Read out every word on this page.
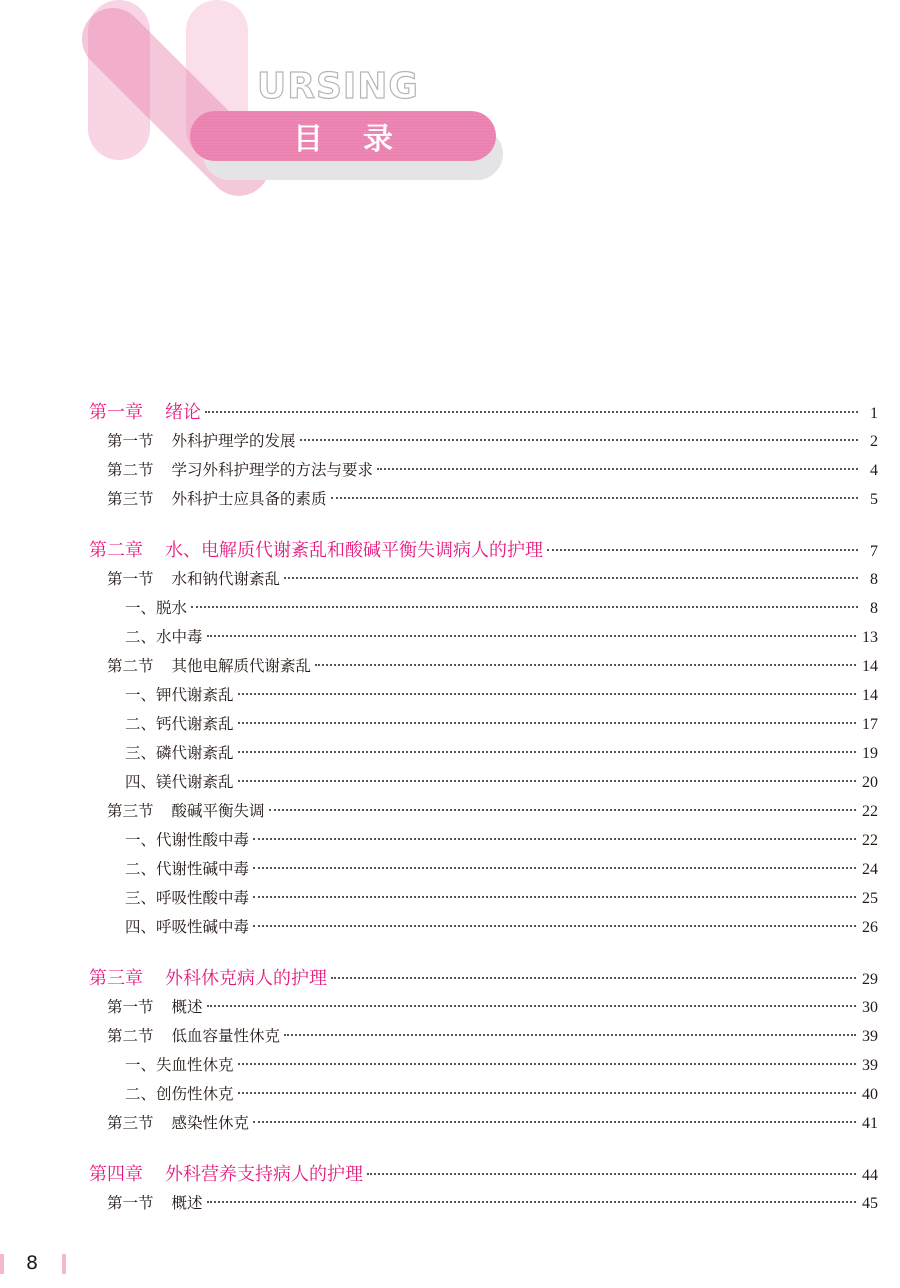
URSING
目录
第一章 绪论	1
第一节 外科护理学的发展	2
第二节 学习外科护理学的方法与要求	4
第三节 外科护士应具备的素质	5
第二章 水、电解质代谢紊乱和酸碱平衡失调病人的护理	7
第一节 水和钠代谢紊乱	8
一、脱水	8
二、水中毒	13
第二节 其他电解质代谢紊乱	14
一、钾代谢紊乱	14
二、钙代谢紊乱	17
三、磷代谢紊乱	19
四、镁代谢紊乱	20
第三节 酸碱平衡失调	22
一、代谢性酸中毒	22
二、代谢性碱中毒	24
三、呼吸性酸中毒	25
四、呼吸性碱中毒	26
第三章 外科休克病人的护理	29
第一节 概述	30
第二节 低血容量性休克	39
一、失血性休克	39
二、创伤性休克	40
第三节 感染性休克	41
第四章 外科营养支持病人的护理	44
第一节 概述	45
8
